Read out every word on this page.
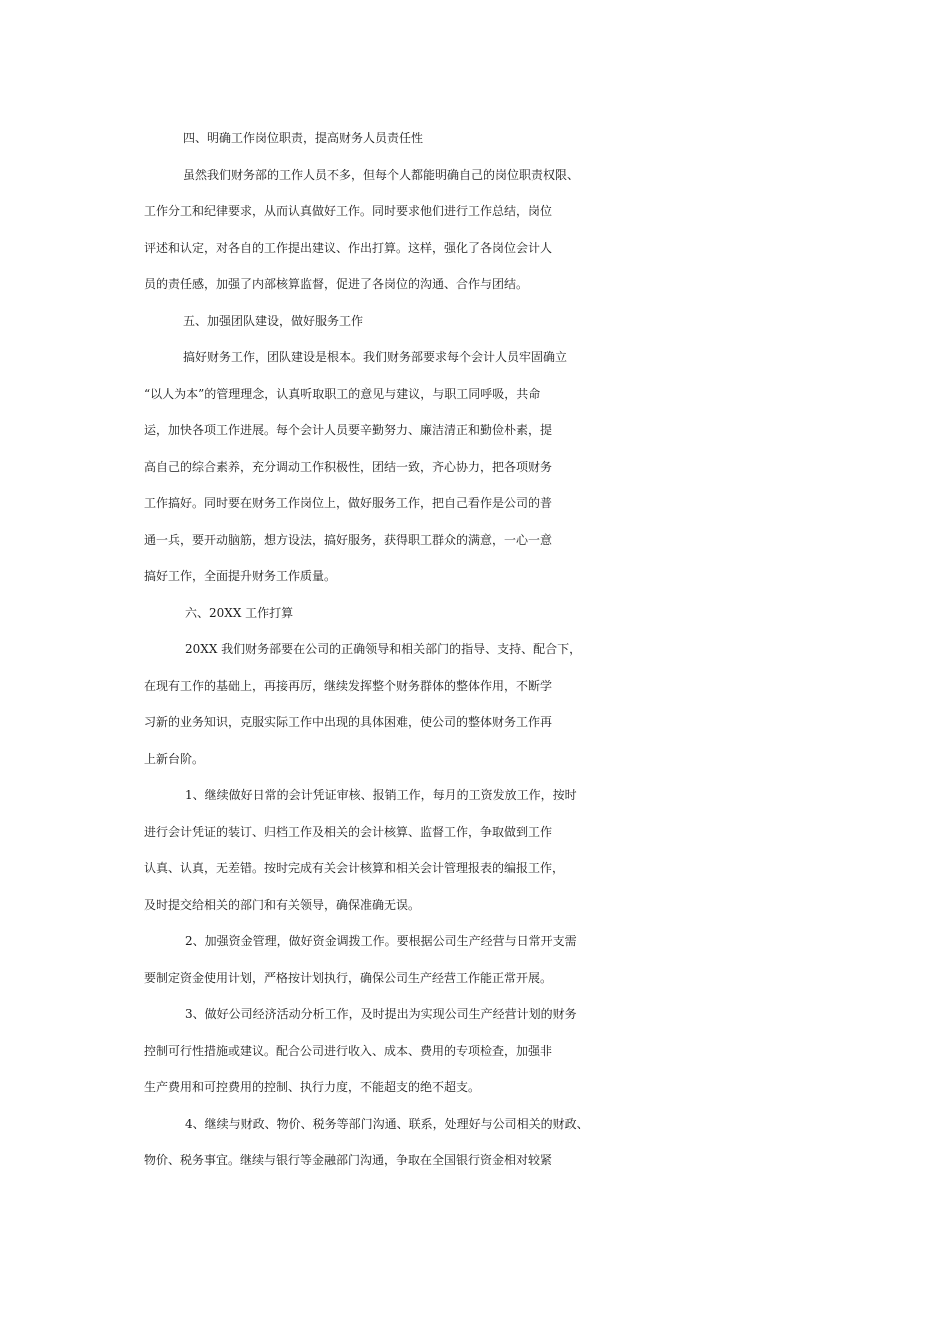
四、明确工作岗位职责，提高财务人员责任性

虽然我们财务部的工作人员不多，但每个人都能明确自己的岗位职责权限、

工作分工和纪律要求，从而认真做好工作。同时要求他们进行工作总结，岗位

评述和认定，对各自的工作提出建议、作出打算。这样，强化了各岗位会计人

员的责任感，加强了内部核算监督，促进了各岗位的沟通、合作与团结。

五、加强团队建设，做好服务工作

搞好财务工作，团队建设是根本。我们财务部要求每个会计人员牢固确立

“以人为本”的管理理念，认真听取职工的意见与建议，与职工同呼吸，共命

运，加快各项工作进展。每个会计人员要辛勤努力、廉洁清正和勤俭朴素，提

高自己的综合素养，充分调动工作积极性，团结一致，齐心协力，把各项财务

工作搞好。同时要在财务工作岗位上，做好服务工作，把自己看作是公司的普

通一兵，要开动脑筋，想方设法，搞好服务，获得职工群众的满意，一心一意

搞好工作，全面提升财务工作质量。

六、20XX 工作打算

20XX 我们财务部要在公司的正确领导和相关部门的指导、支持、配合下，

在现有工作的基础上，再接再厉，继续发挥整个财务群体的整体作用，不断学

习新的业务知识，克服实际工作中出现的具体困难，使公司的整体财务工作再

上新台阶。

1、继续做好日常的会计凭证审核、报销工作，每月的工资发放工作，按时

进行会计凭证的装订、归档工作及相关的会计核算、监督工作，争取做到工作

认真、认真，无差错。按时完成有关会计核算和相关会计管理报表的编报工作，

及时提交给相关的部门和有关领导，确保准确无误。

2、加强资金管理，做好资金调拨工作。要根据公司生产经营与日常开支需

要制定资金使用计划，严格按计划执行，确保公司生产经营工作能正常开展。

3、做好公司经济活动分析工作，及时提出为实现公司生产经营计划的财务

控制可行性措施或建议。配合公司进行收入、成本、费用的专项检查，加强非

生产费用和可控费用的控制、执行力度，不能超支的绝不超支。

4、继续与财政、物价、税务等部门沟通、联系，处理好与公司相关的财政、

物价、税务事宜。继续与银行等金融部门沟通，争取在全国银行资金相对较紧
